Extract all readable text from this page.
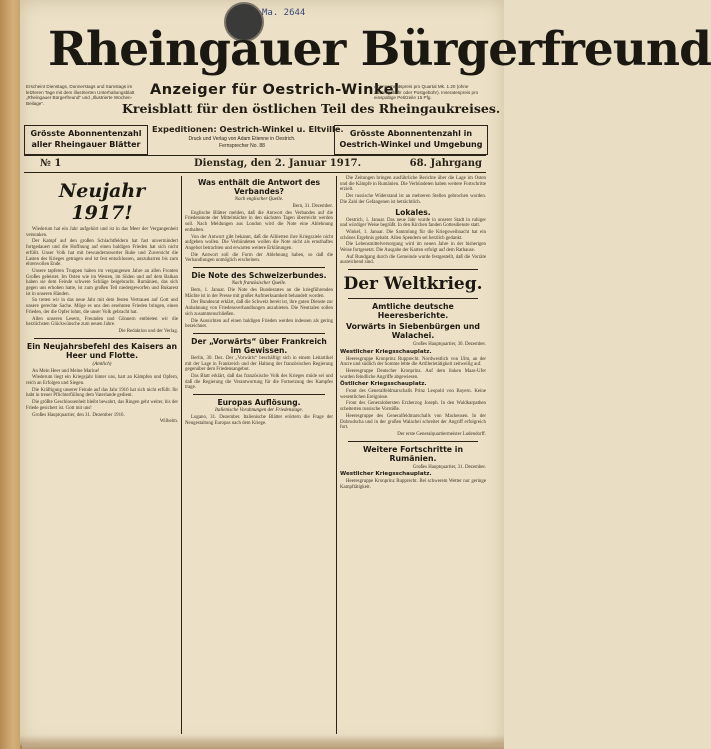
Ma. 2644
Rheingauer Bürgerfreund
Erscheint Dienstags, Donnerstags und Samstags im letzteren Tage mit dem illustrierten Unterhaltungsblatt „Rheingauer Bürgerfreund“ und „Illustrierte Wochen-Beilage“.
Anzeiger für Oestrich-Winkel
Abonnementspreis pro Quartal Mk. 1.20 (ohne Zustellgebühr oder Postgebühr). Inseratenpreis pro einspaltige Petitzeile 15 Pfg.
Kreisblatt für den östlichen Teil des Rheingaukreises.
Grösste Abonnentenzahl
aller Rheingauer Blätter
Expeditionen: Oestrich-Winkel u. Eltville.
Druck und Verlag von Adam Etienne in Oestrich.
Fernsprecher No. 88
Grösste Abonnentenzahl in
Oestrich-Winkel und Umgebung
№ 1	Dienstag, den 2. Januar 1917.	68. Jahrgang
Neujahr 1917!

Wiederum hat ein Jahr aufgehört und ist in das Meer der Vergangenheit versunken.

Der Kampf auf den großen Schlachtfeldern hat fast unvermindert fortgedauert und die Hoffnung auf einen baldigen Frieden hat sich nicht erfüllt. Unser Volk hat mit bewundernswerter Ruhe und Zuversicht die Lasten des Krieges getragen und ist fest entschlossen, auszuharren bis zum ehrenvollen Ende.

Unsere tapferen Truppen haben im vergangenen Jahre an allen Fronten Großes geleistet. Im Osten wie im Westen, im Süden und auf dem Balkan haben sie dem Feinde schwere Schläge beigebracht. Rumänien, das sich gegen uns erhoben hatte, ist zum großen Teil niedergeworfen und Bukarest ist in unseren Händen.

So treten wir in das neue Jahr mit dem festen Vertrauen auf Gott und unsere gerechte Sache. Möge es uns den ersehnten Frieden bringen, einen Frieden, der die Opfer lohnt, die unser Volk gebracht hat.

Allen unseren Lesern, Freunden und Gönnern entbieten wir die herzlichsten Glückwünsche zum neuen Jahre.

Die Redaktion und der Verlag.

Ein Neujahrsbefehl des Kaisers an Heer und Flotte.
(Amtlich)

An Mein Heer und Meine Marine!

Wiederum liegt ein Kriegsjahr hinter uns, hart an Kämpfen und Opfern, reich an Erfolgen und Siegen.

Die Kräftigung unserer Feinde auf das Jahr 1916 hat sich nicht erfüllt. Ihr habt in treuer Pflichterfüllung dem Vaterlande gedient.

Die größte Geschlossenheit bleibt bewahrt, das Ringen geht weiter, bis der Friede gesichert ist. Gott mit uns!

Großes Hauptquartier, den 31. Dezember 1916.

Wilhelm.

Was enthält die Antwort des Verbandes?
Nach englischer Quelle.

Bern, 31. Dezember.

Englische Blätter melden, daß die Antwort des Verbandes auf die Friedensnote der Mittelmächte in den nächsten Tagen überreicht werden soll. Nach Meldungen aus London wird die Note eine Ablehnung enthalten.

Von der Antwort gibt bekannt, daß die Alliierten ihre Kriegsziele nicht aufgeben wollen. Die Verbündeten wollen die Note nicht als ernsthaftes Angebot betrachten und erwarten weitere Erklärungen.

Die Antwort soll die Form der Ablehnung haben, so daß die Verhandlungen unmöglich erscheinen.

Die Note des Schweizerbundes.
Nach französischer Quelle.

Bern, 1. Januar. Die Note des Bundesrates an die kriegführenden Mächte ist in der Presse mit großer Aufmerksamkeit behandelt worden.

Der Bundesrat erklärt, daß die Schweiz bereit ist, ihre guten Dienste zur Anbahnung von Friedensverhandlungen anzubieten. Die Neutralen sollen sich zusammenschließen.

Die Aussichten auf einen baldigen Frieden werden indessen als gering bezeichnet.

Der „Vorwärts“ über Frankreich im Gewissen.

Berlin, 30. Dez. Der „Vorwärts“ beschäftigt sich in einem Leitartikel mit der Lage in Frankreich und der Haltung der französischen Regierung gegenüber dem Friedensangebot.

Das Blatt erklärt, daß das französische Volk des Krieges müde sei und daß die Regierung die Verantwortung für die Fortsetzung des Kampfes trage.

Europas Auflösung.
Italienische Vorahnungen der Friedenslage.

Lugano, 31. Dezember. Italienische Blätter erörtern die Frage der Neugestaltung Europas nach dem Kriege.

Die Zeitungen bringen ausführliche Berichte über die Lage im Osten und die Kämpfe in Rumänien. Die Verbündeten haben weitere Fortschritte erzielt.

Der russische Widerstand ist an mehreren Stellen gebrochen worden. Die Zahl der Gefangenen ist beträchtlich.

Lokales.

Oestrich, 1. Januar. Das neue Jahr wurde in unserer Stadt in ruhiger und würdiger Weise begrüßt. In den Kirchen fanden Gottesdienste statt.

Winkel, 1. Januar. Die Sammlung für die Kriegsweihnacht hat ein schönes Ergebnis gehabt. Allen Spendern sei herzlich gedankt.

Die Lebensmittelversorgung wird im neuen Jahre in der bisherigen Weise fortgesetzt. Die Ausgabe der Karten erfolgt auf dem Rathause.

Auf Rundgang durch die Gemeinde wurde festgestellt, daß die Vorräte ausreichend sind.

Der Weltkrieg.
Amtliche deutsche Heeresberichte.
Vorwärts in Siebenbürgen und Walachei.

Großes Hauptquartier, 30. Dezember.

Westlicher Kriegsschauplatz.

Heeresgruppe Kronprinz Rupprecht. Nordwestlich von Ulm, an der Ancre und südlich der Somme lebte die Artillerietätigkeit zeitweilig auf.

Heeresgruppe Deutscher Kronprinz. Auf dem linken Maas-Ufer wurden feindliche Angriffe abgewiesen.

Östlicher Kriegsschauplatz.

Front des Generalfeldmarschalls Prinz Leopold von Bayern. Keine wesentlichen Ereignisse.

Front des Generalobersten Erzherzog Joseph. In den Waldkarpathen scheiterten russische Vorstöße.

Heeresgruppe des Generalfeldmarschalls von Mackensen. In der Dobrudscha und in der großen Walachei schreitet der Angriff erfolgreich fort.

Der erste Generalquartiermeister Ludendorff.

Weitere Fortschritte in Rumänien.

Großes Hauptquartier, 31. Dezember.

Westlicher Kriegsschauplatz.

Heeresgruppe Kronprinz Rupprecht. Bei schwerem Wetter nur geringe Kampftätigkeit.
